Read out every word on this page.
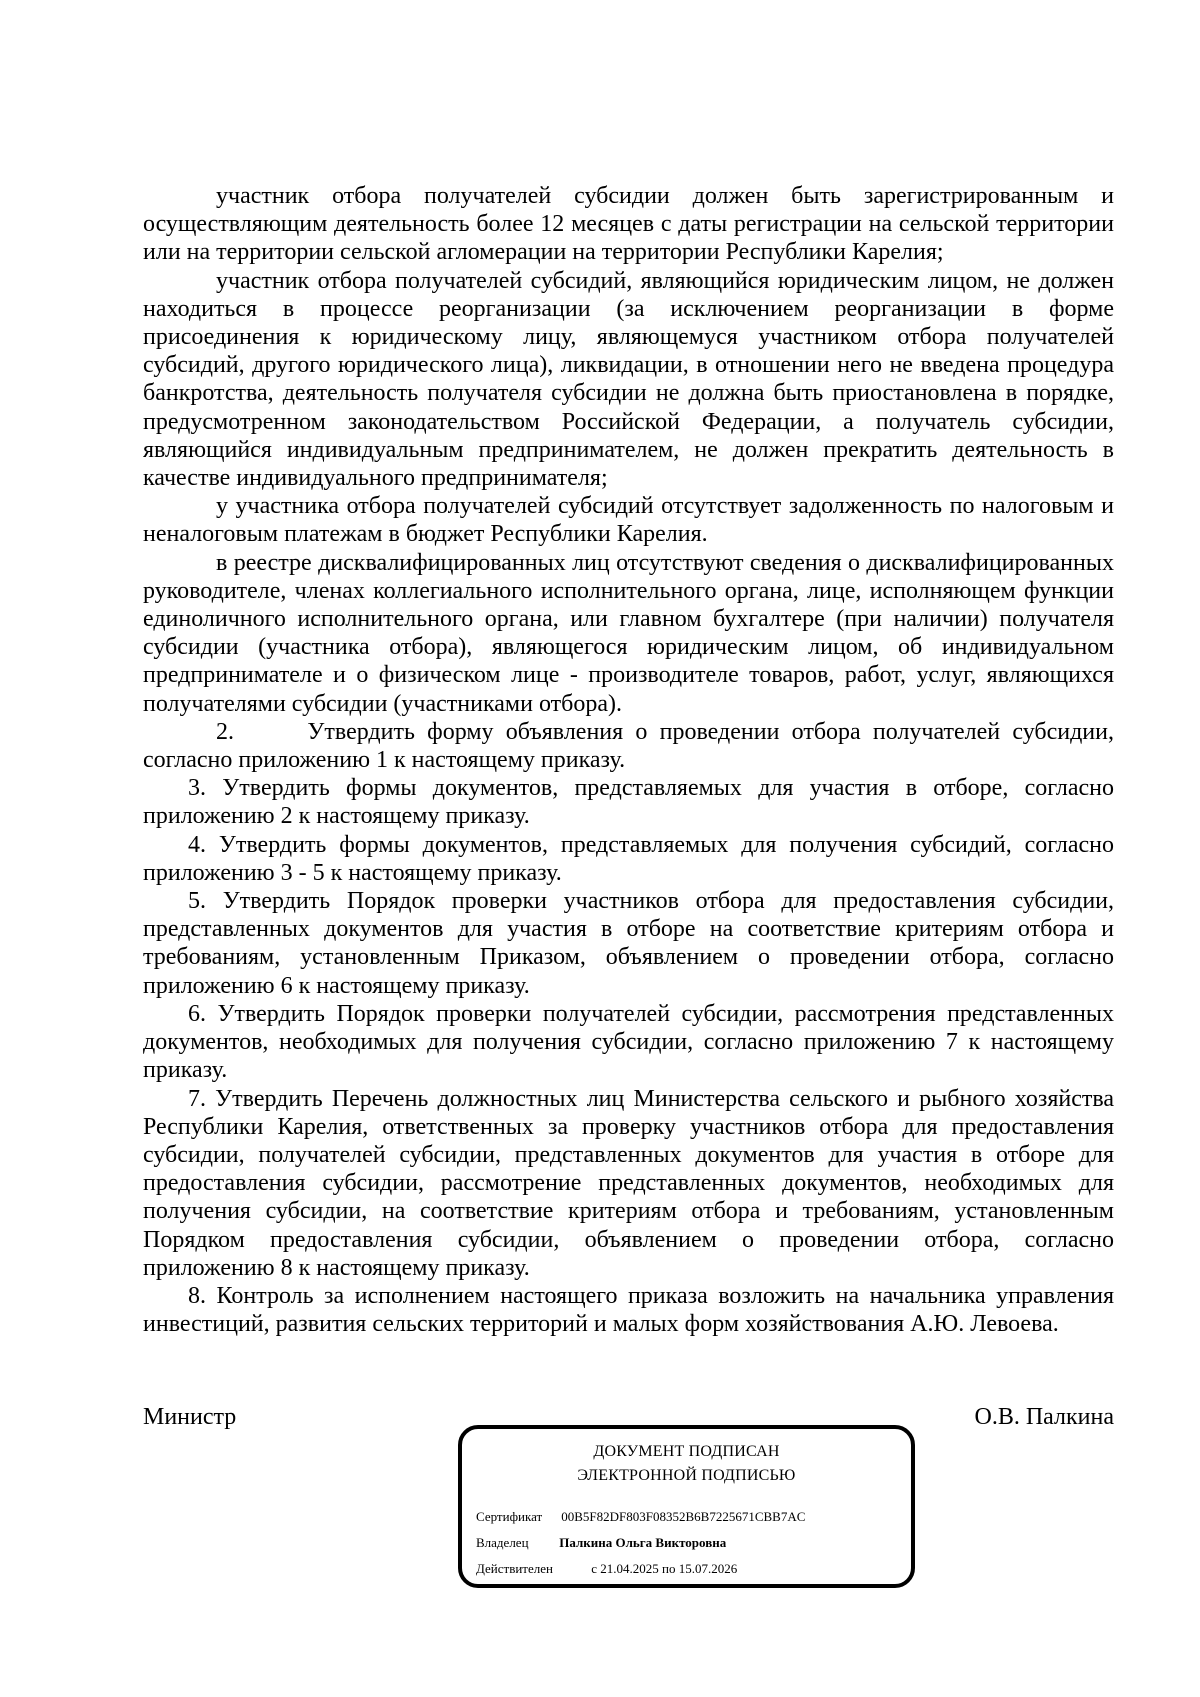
участник отбора получателей субсидии должен быть зарегистрированным и осуществляющим деятельность более 12 месяцев с даты регистрации на сельской территории или на территории сельской агломерации на территории Республики Карелия;

участник отбора получателей субсидий, являющийся юридическим лицом, не должен находиться в процессе реорганизации (за исключением реорганизации в форме присоединения к юридическому лицу, являющемуся участником отбора получателей субсидий, другого юридического лица), ликвидации, в отношении него не введена процедура банкротства, деятельность получателя субсидии не должна быть приостановлена в порядке, предусмотренном законодательством Российской Федерации, а получатель субсидии, являющийся индивидуальным предпринимателем, не должен прекратить деятельность в качестве индивидуального предпринимателя;

у участника отбора получателей субсидий отсутствует задолженность по налоговым и неналоговым платежам в бюджет Республики Карелия.

в реестре дисквалифицированных лиц отсутствуют сведения о дисквалифицированных руководителе, членах коллегиального исполнительного органа, лице, исполняющем функции единоличного исполнительного органа, или главном бухгалтере (при наличии) получателя субсидии (участника отбора), являющегося юридическим лицом, об индивидуальном предпринимателе и о физическом лице - производителе товаров, работ, услуг, являющихся получателями субсидии (участниками отбора).

2.	Утвердить форму объявления о проведении отбора получателей субсидии, согласно приложению 1 к настоящему приказу.

3. Утвердить формы документов, представляемых для участия в отборе, согласно приложению 2 к настоящему приказу.

4. Утвердить формы документов, представляемых для получения субсидий, согласно приложению 3 - 5 к настоящему приказу.

5. Утвердить Порядок проверки участников отбора для предоставления субсидии, представленных документов для участия в отборе на соответствие критериям отбора и требованиям, установленным Приказом, объявлением о проведении отбора, согласно приложению 6 к настоящему приказу.

6. Утвердить Порядок проверки получателей субсидии, рассмотрения представленных документов, необходимых для получения субсидии, согласно приложению 7 к настоящему приказу.

7. Утвердить Перечень должностных лиц Министерства сельского и рыбного хозяйства Республики Карелия, ответственных за проверку участников отбора для предоставления субсидии, получателей субсидии, представленных документов для участия в отборе для предоставления субсидии, рассмотрение представленных документов, необходимых для получения субсидии, на соответствие критериям отбора и требованиям, установленным Порядком предоставления субсидии, объявлением о проведении отбора, согласно приложению 8 к настоящему приказу.

8. Контроль за исполнением настоящего приказа возложить на начальника управления инвестиций, развития сельских территорий и малых форм хозяйствования А.Ю. Левоева.

Министр	О.В. Палкина
ДОКУМЕНТ ПОДПИСАН
ЭЛЕКТРОННОЙ ПОДПИСЬЮ
Сертификат 00B5F82DF803F08352B6B7225671CBB7AC
Владелец Палкина Ольга Викторовна
Действителен	с 21.04.2025 по 15.07.2026
